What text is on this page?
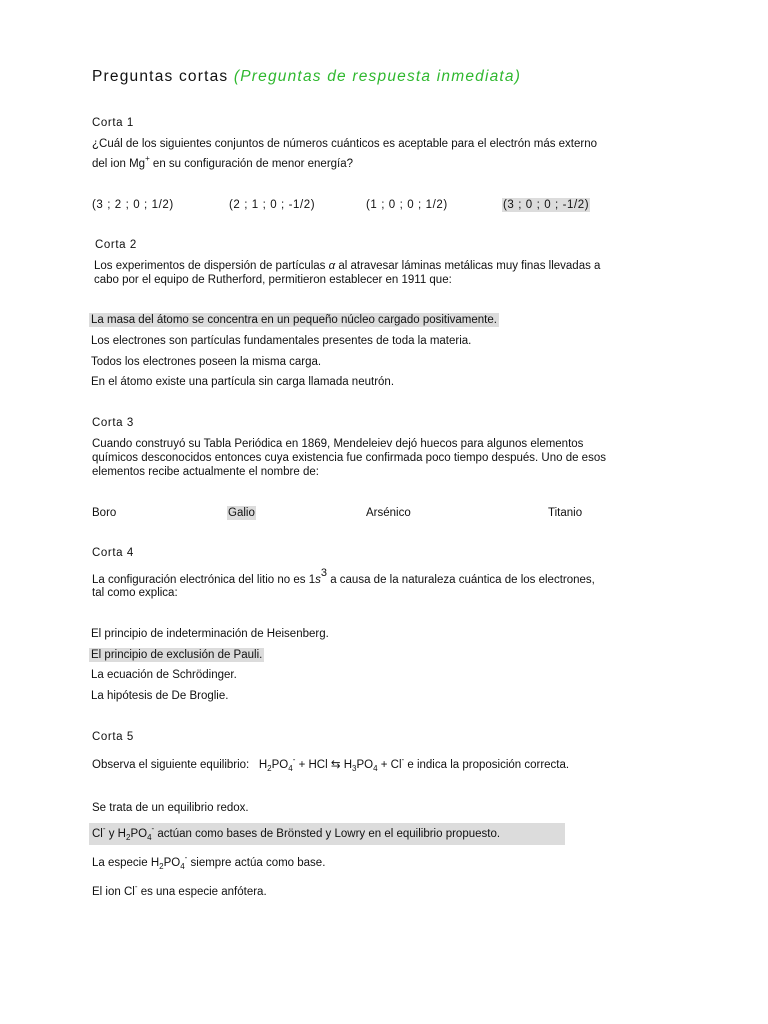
Preguntas cortas (Preguntas de respuesta inmediata)
Corta 1
¿Cuál de los siguientes conjuntos de números cuánticos es aceptable para el electrón más externo
del ion Mg+ en su configuración de menor energía?
(3 ; 2 ; 0 ; 1/2)	(2 ; 1 ; 0 ; -1/2)	(1 ; 0 ; 0 ; 1/2)	(3 ; 0 ; 0 ; -1/2)
Corta 2
Los experimentos de dispersión de partículas α al atravesar láminas metálicas muy finas llevadas a
cabo por el equipo de Rutherford, permitieron establecer en 1911 que:
La masa del átomo se concentra en un pequeño núcleo cargado positivamente.
Los electrones son partículas fundamentales presentes de toda la materia.
Todos los electrones poseen la misma carga.
En el átomo existe una partícula sin carga llamada neutrón.
Corta 3
Cuando construyó su Tabla Periódica en 1869, Mendeleiev dejó huecos para algunos elementos
químicos desconocidos entonces cuya existencia fue confirmada poco tiempo después. Uno de esos
elementos recibe actualmente el nombre de:
Boro	Galio	Arsénico	Titanio
Corta 4
La configuración electrónica del litio no es $1s^3$ a causa de la naturaleza cuántica de los electrones,
tal como explica:
El principio de indeterminación de Heisenberg.
El principio de exclusión de Pauli.
La ecuación de Schrödinger.
La hipótesis de De Broglie.
Corta 5
Observa el siguiente equilibrio: $H_2PO_4^-$ + HCl ⇆ $H_3PO_4 + Cl^-$ e indica la proposición correcta.
Se trata de un equilibrio redox.
Cl- y $H_2PO_4^-$ actúan como bases de Brönsted y Lowry en el equilibrio propuesto.
La especie $H_2PO_4^-$ siempre actúa como base.
El ion Cl- es una especie anfótera.
